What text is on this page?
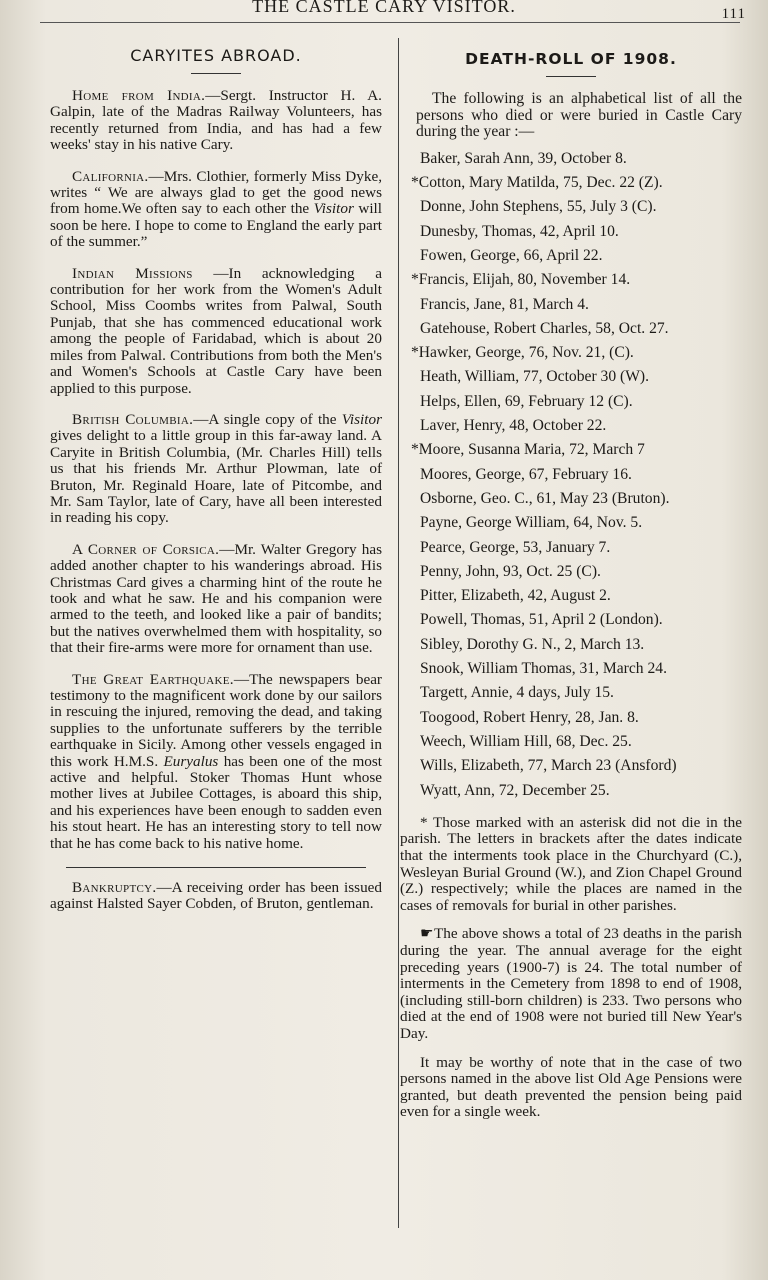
THE CASTLE CARY VISITOR.	111
CARYITES ABROAD.

Home from India.—Sergt. Instructor H. A. Galpin, late of the Madras Railway Volunteers, has recently returned from India, and has had a few weeks' stay in his native Cary.

California.—Mrs. Clothier, formerly Miss Dyke, writes “ We are always glad to get the good news from home.We often say to each other the Visitor will soon be here. I hope to come to England the early part of the summer.”

Indian Missions —In acknowledging a contribution for her work from the Women's Adult School, Miss Coombs writes from Palwal, South Punjab, that she has commenced educational work among the people of Faridabad, which is about 20 miles from Palwal. Contributions from both the Men's and Women's Schools at Castle Cary have been applied to this purpose.

British Columbia.—A single copy of the Visitor gives delight to a little group in this far-away land. A Caryite in British Columbia, (Mr. Charles Hill) tells us that his friends Mr. Arthur Plowman, late of Bruton, Mr. Reginald Hoare, late of Pitcombe, and Mr. Sam Taylor, late of Cary, have all been interested in reading his copy.

A Corner of Corsica.—Mr. Walter Gregory has added another chapter to his wanderings abroad. His Christmas Card gives a charming hint of the route he took and what he saw. He and his companion were armed to the teeth, and looked like a pair of bandits; but the natives overwhelmed them with hospitality, so that their fire-arms were more for ornament than use.

The Great Earthquake.—The newspapers bear testimony to the magnificent work done by our sailors in rescuing the injured, removing the dead, and taking supplies to the unfortunate sufferers by the terrible earthquake in Sicily. Among other vessels engaged in this work H.M.S. Euryalus has been one of the most active and helpful. Stoker Thomas Hunt whose mother lives at Jubilee Cottages, is aboard this ship, and his experiences have been enough to sadden even his stout heart. He has an interesting story to tell now that he has come back to his native home.

Bankruptcy.—A receiving order has been issued against Halsted Sayer Cobden, of Bruton, gentleman.

DEATH-ROLL OF 1908.

The following is an alphabetical list of all the persons who died or were buried in Castle Cary during the year :—

Baker, Sarah Ann, 39, October 8.
*Cotton, Mary Matilda, 75, Dec. 22 (Z).
Donne, John Stephens, 55, July 3 (C).
Dunesby, Thomas, 42, April 10.
Fowen, George, 66, April 22.
*Francis, Elijah, 80, November 14.
Francis, Jane, 81, March 4.
Gatehouse, Robert Charles, 58, Oct. 27.
*Hawker, George, 76, Nov. 21, (C).
Heath, William, 77, October 30 (W).
Helps, Ellen, 69, February 12 (C).
Laver, Henry, 48, October 22.
*Moore, Susanna Maria, 72, March 7
Moores, George, 67, February 16.
Osborne, Geo. C., 61, May 23 (Bruton).
Payne, George William, 64, Nov. 5.
Pearce, George, 53, January 7.
Penny, John, 93, Oct. 25 (C).
Pitter, Elizabeth, 42, August 2.
Powell, Thomas, 51, April 2 (London).
Sibley, Dorothy G. N., 2, March 13.
Snook, William Thomas, 31, March 24.
Targett, Annie, 4 days, July 15.
Toogood, Robert Henry, 28, Jan. 8.
Weech, William Hill, 68, Dec. 25.
Wills, Elizabeth, 77, March 23 (Ansford)
Wyatt, Ann, 72, December 25.

* Those marked with an asterisk did not die in the parish. The letters in brackets after the dates indicate that the interments took place in the Churchyard (C.), Wesleyan Burial Ground (W.), and Zion Chapel Ground (Z.) respectively; while the places are named in the cases of removals for burial in other parishes.

☛The above shows a total of 23 deaths in the parish during the year. The annual average for the eight preceding years (1900-7) is 24. The total number of interments in the Cemetery from 1898 to end of 1908, (including still-born children) is 233. Two persons who died at the end of 1908 were not buried till New Year's Day.

It may be worthy of note that in the case of two persons named in the above list Old Age Pensions were granted, but death prevented the pension being paid even for a single week.
